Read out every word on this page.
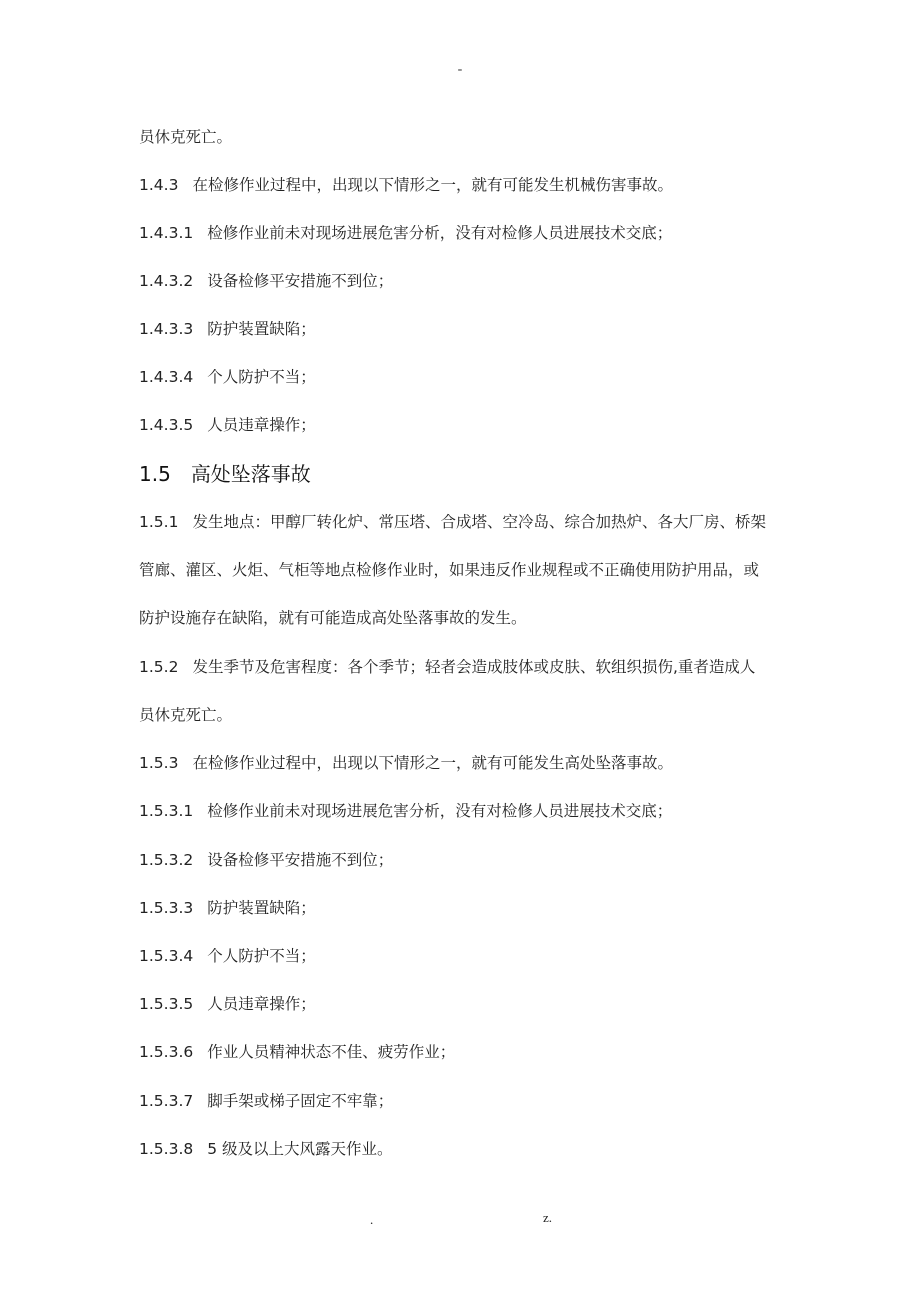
-
员休克死亡。
1.4.3 在检修作业过程中，出现以下情形之一，就有可能发生机械伤害事故。
1.4.3.1 检修作业前未对现场进展危害分析，没有对检修人员进展技术交底；
1.4.3.2 设备检修平安措施不到位；
1.4.3.3 防护装置缺陷；
1.4.3.4 个人防护不当；
1.4.3.5 人员违章操作；
1.5 高处坠落事故
1.5.1 发生地点：甲醇厂转化炉、常压塔、合成塔、空冷岛、综合加热炉、各大厂房、桥架
管廊、灌区、火炬、气柜等地点检修作业时，如果违反作业规程或不正确使用防护用品，或
防护设施存在缺陷，就有可能造成高处坠落事故的发生。
1.5.2 发生季节及危害程度：各个季节；轻者会造成肢体或皮肤、软组织损伤,重者造成人
员休克死亡。
1.5.3 在检修作业过程中，出现以下情形之一，就有可能发生高处坠落事故。
1.5.3.1 检修作业前未对现场进展危害分析，没有对检修人员进展技术交底；
1.5.3.2 设备检修平安措施不到位；
1.5.3.3 防护装置缺陷；
1.5.3.4 个人防护不当；
1.5.3.5 人员违章操作；
1.5.3.6 作业人员精神状态不佳、疲劳作业；
1.5.3.7 脚手架或梯子固定不牢靠；
1.5.3.8 5 级及以上大风露天作业。
.	z.
